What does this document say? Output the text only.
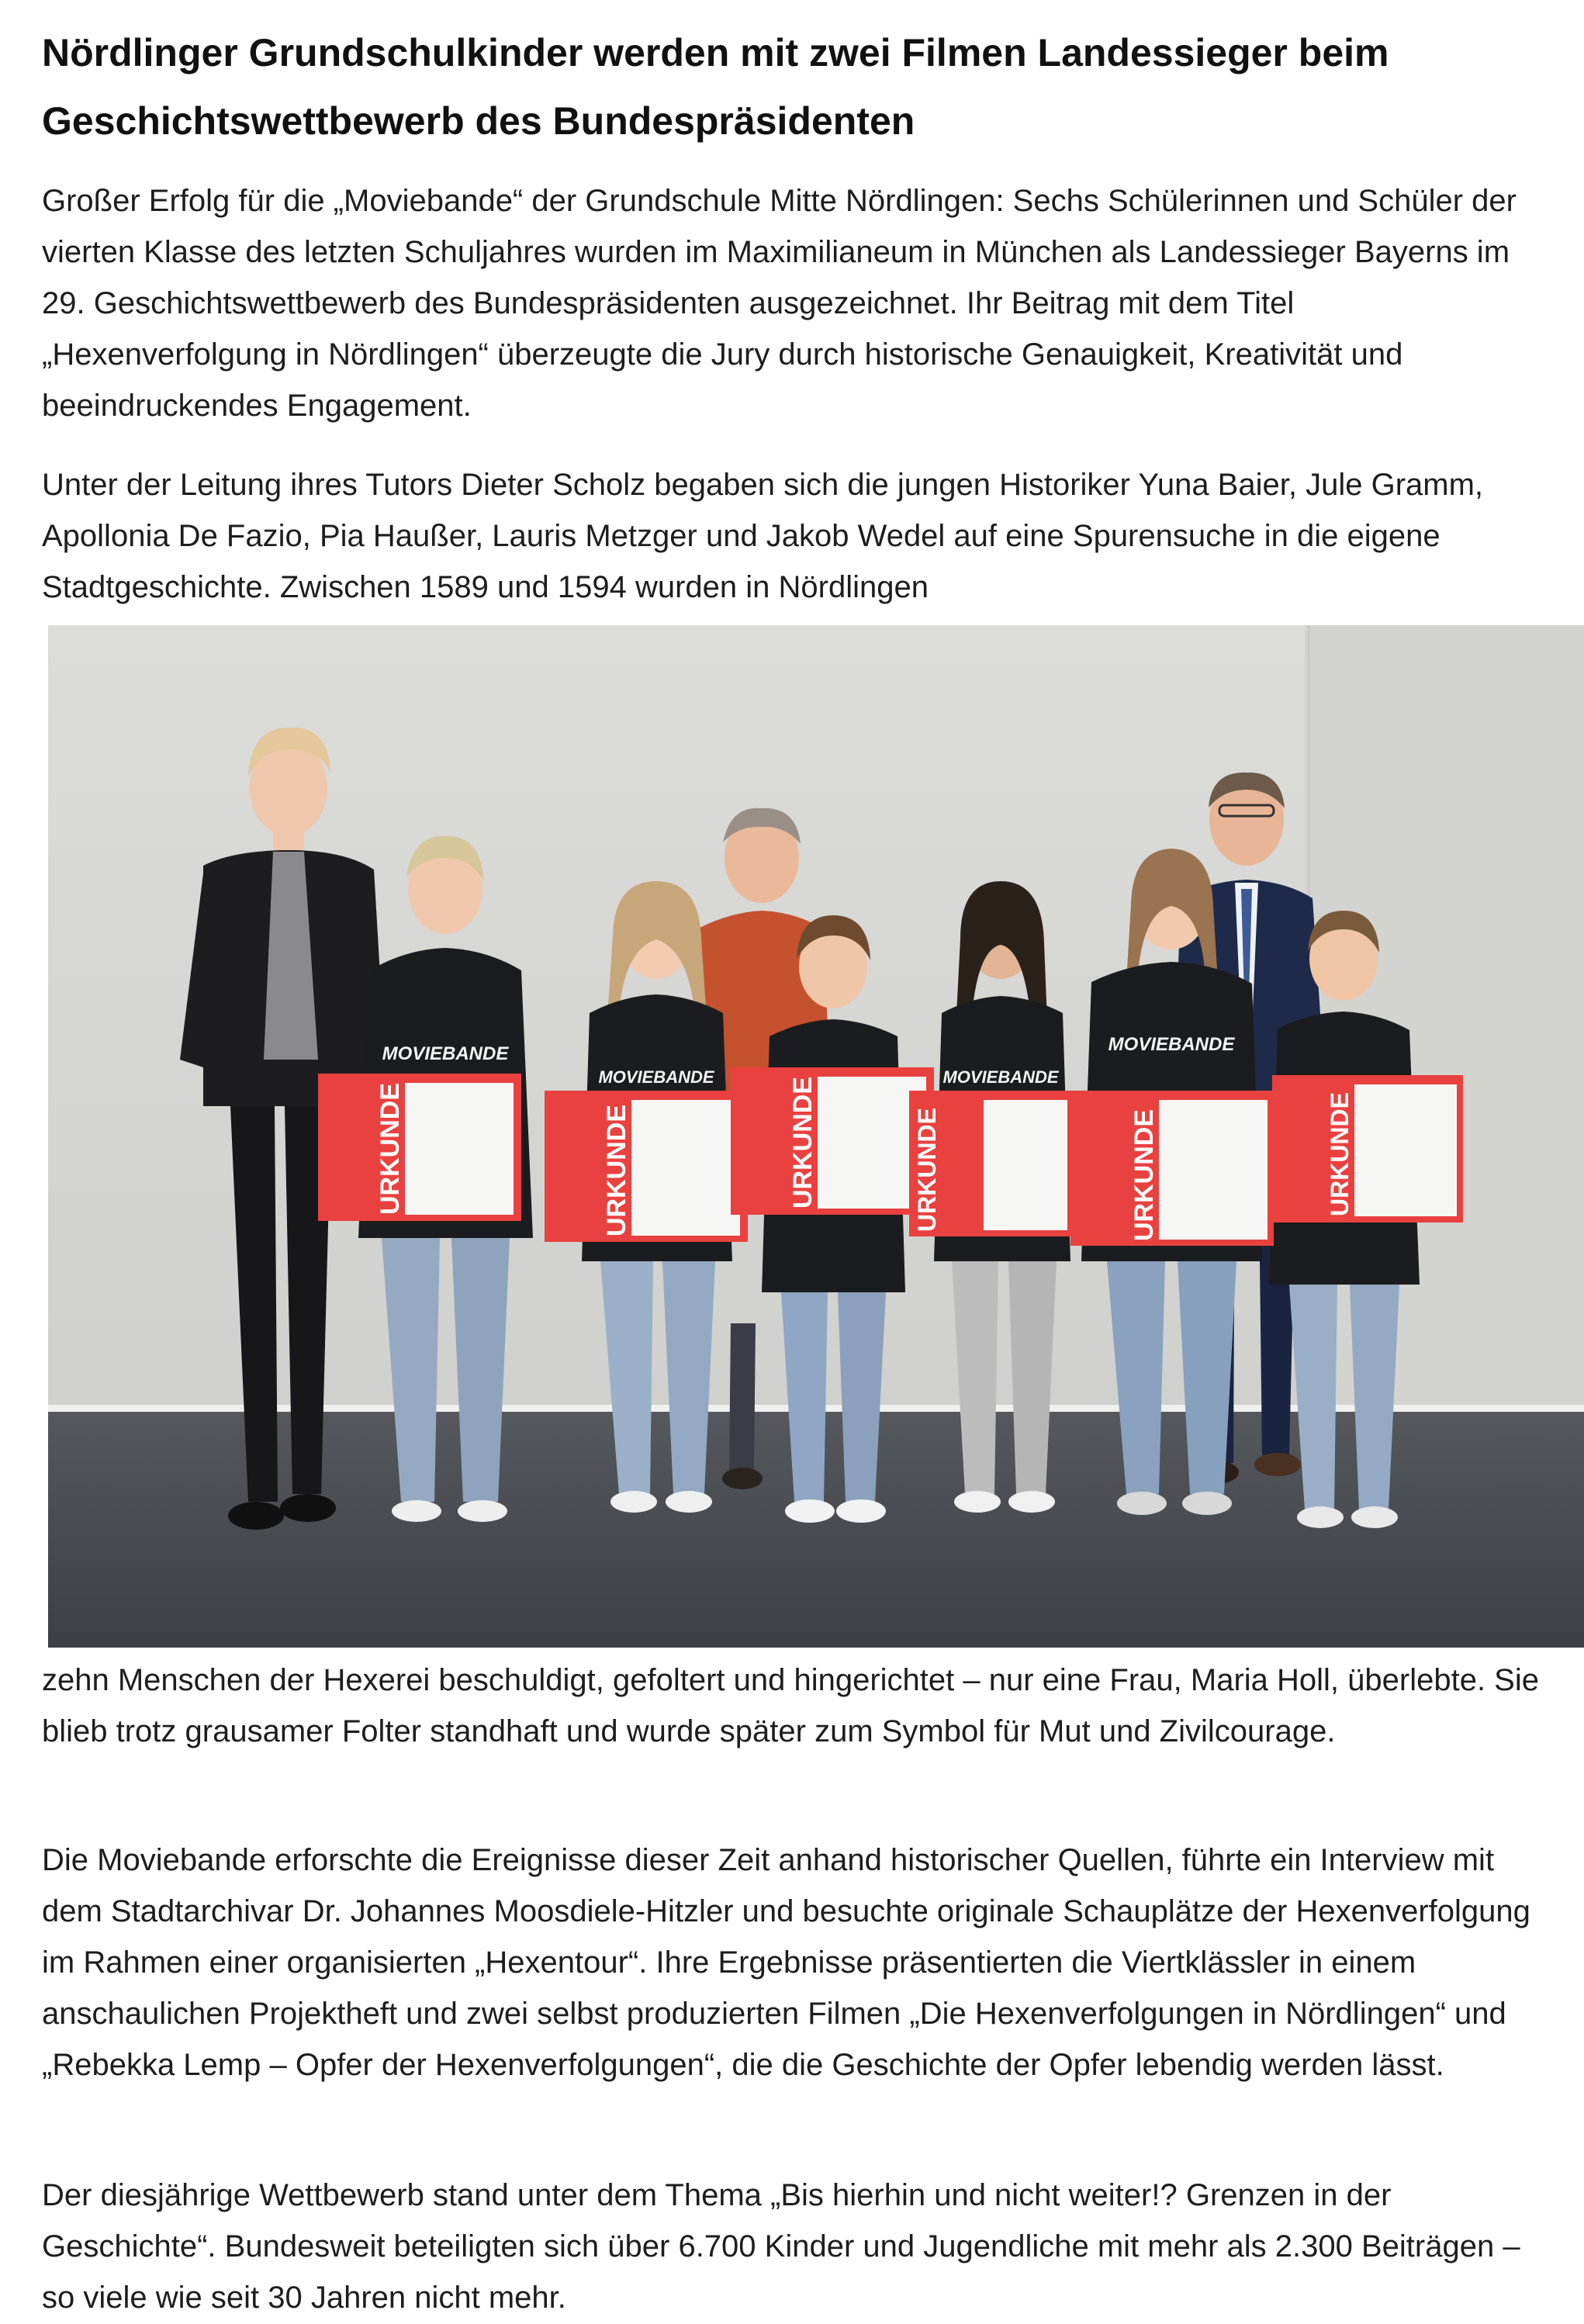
Nördlinger Grundschulkinder werden mit zwei Filmen Landessieger beim Geschichtswettbewerb des Bundespräsidenten

Großer Erfolg für die „Moviebande“ der Grundschule Mitte Nördlingen: Sechs Schülerinnen und Schüler der vierten Klasse des letzten Schuljahres wurden im Maximilianeum in München als Landessieger Bayerns im 29. Geschichtswettbewerb des Bundespräsidenten ausgezeichnet. Ihr Beitrag mit dem Titel „Hexenverfolgung in Nördlingen“ überzeugte die Jury durch historische Genauigkeit, Kreativität und beeindruckendes Engagement.

Unter der Leitung ihres Tutors Dieter Scholz begaben sich die jungen Historiker Yuna Baier, Jule Gramm, Apollonia De Fazio, Pia Haußer, Lauris Metzger und Jakob Wedel auf eine Spurensuche in die eigene Stadtgeschichte. Zwischen 1589 und 1594 wurden in Nördlingen

MOVIEBANDE
MOVIEBANDE	MOVIEBANDE
MOVIEBANDE
URKUNDE	URKUNDE	URKUNDE	URKUNDE	URKUNDE	URKUNDE

zehn Menschen der Hexerei beschuldigt, gefoltert und hingerichtet – nur eine Frau, Maria Holl, überlebte. Sie blieb trotz grausamer Folter standhaft und wurde später zum Symbol für Mut und Zivilcourage.

Die Moviebande erforschte die Ereignisse dieser Zeit anhand historischer Quellen, führte ein Interview mit dem Stadtarchivar Dr. Johannes Moosdiele-Hitzler und besuchte originale Schauplätze der Hexenverfolgung im Rahmen einer organisierten „Hexentour“. Ihre Ergebnisse präsentierten die Viertklässler in einem anschaulichen Projektheft und zwei selbst produzierten Filmen „Die Hexenverfolgungen in Nördlingen“ und „Rebekka Lemp – Opfer der Hexenverfolgungen“, die die Geschichte der Opfer lebendig werden lässt.

Der diesjährige Wettbewerb stand unter dem Thema „Bis hierhin und nicht weiter!? Grenzen in der Geschichte“. Bundesweit beteiligten sich über 6.700 Kinder und Jugendliche mit mehr als 2.300 Beiträgen – so viele wie seit 30 Jahren nicht mehr.
